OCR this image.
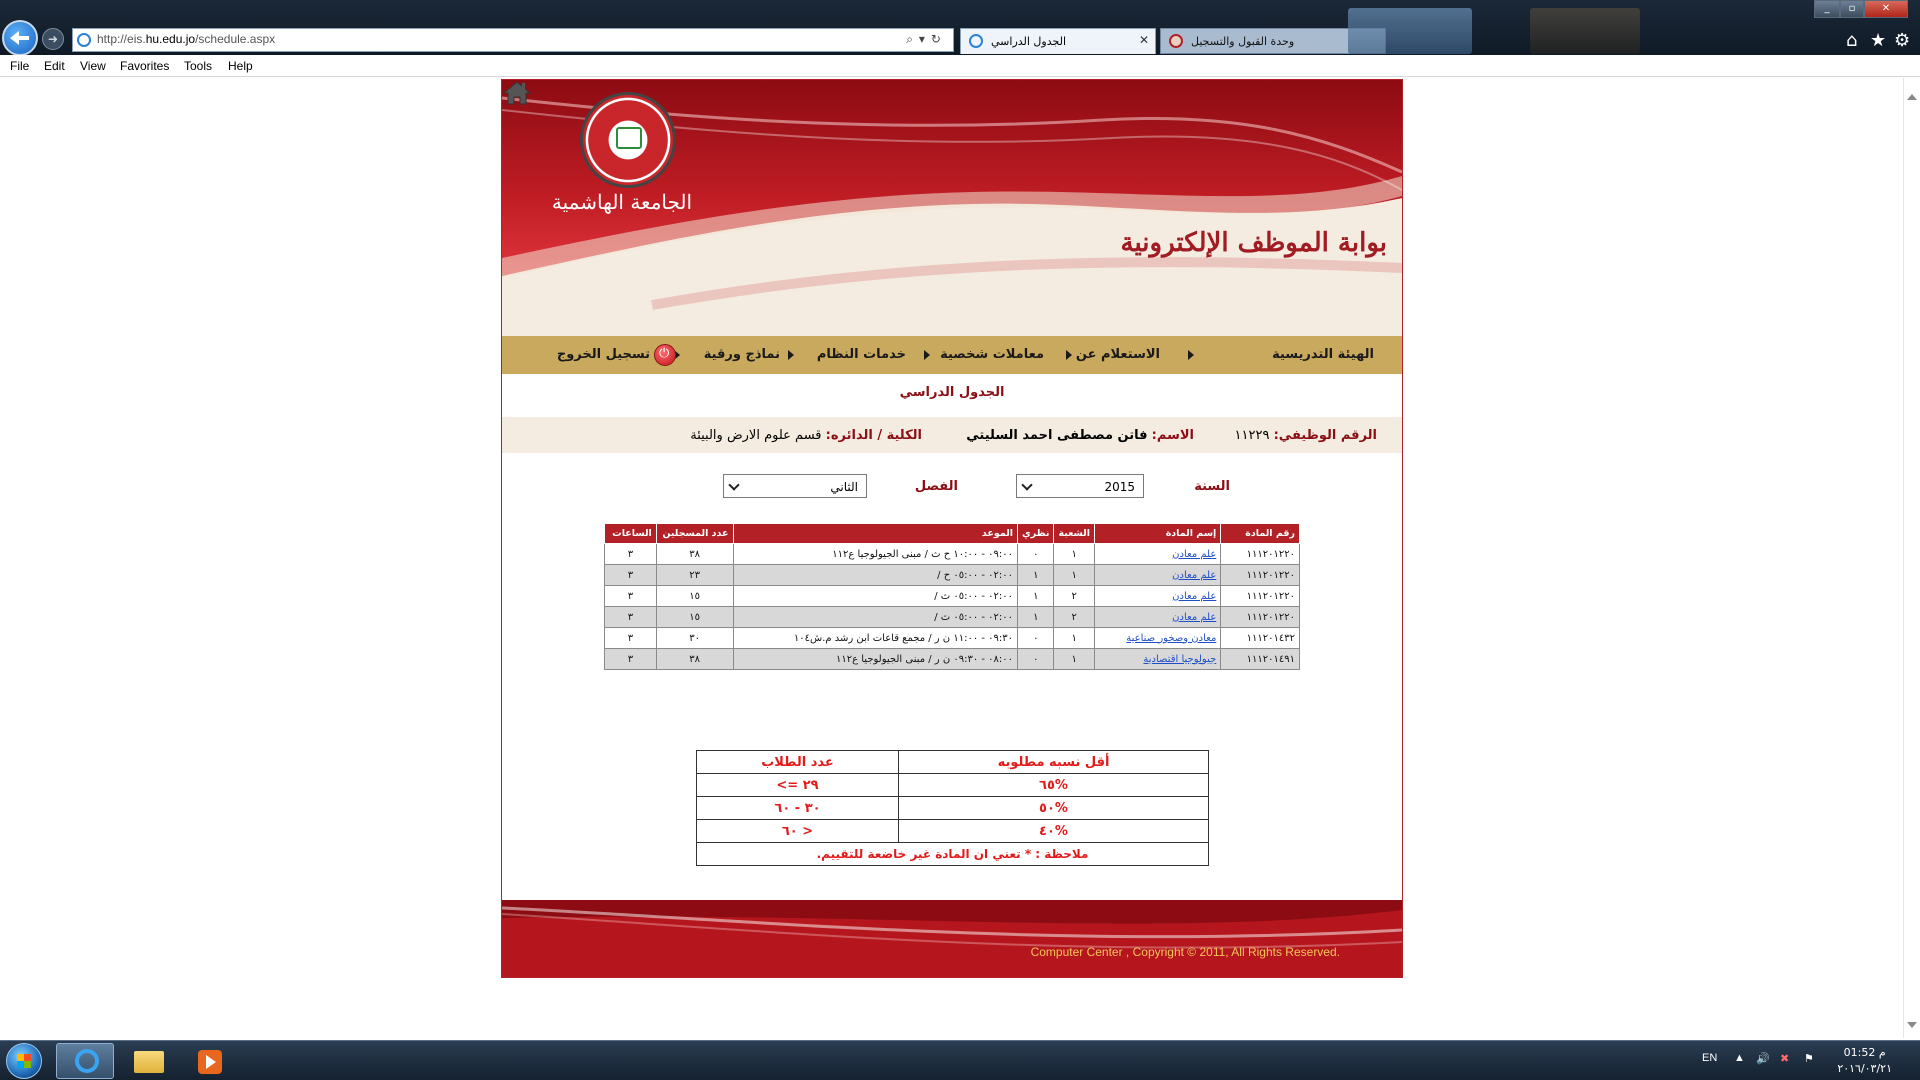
➜	http://eis.hu.edu.jo/schedule.aspx	⌕▾↻	الجدول الدراسي	✕	وحدة القبول والتسجيل
_	▫	✕
⌂ ★ ⚙
File Edit View Favorites Tools Help
الجامعة الهاشمية
بوابة الموظف الإلكترونية
الهيئة التدريسية
الاستعلام عن
معاملات شخصية
خدمات النظام
نماذج ورقية
⏻
تسجيل الخروج
الجدول الدراسي
الرقم الوظيفي: ١١٢٢٩
الاسم: فاتن مصطفى احمد السليتي
الكلية / الدائره: قسم علوم الارض والبيئة
السنة
2015
الفصل
الثاني
رقم المادة	إسم المادة	الشعبة	نظري	الموعد	عدد المسجلين	الساعات
١١١٢٠١٢٢٠	علم معادن	١	٠	٠٩:٠٠ - ١٠:٠٠ ح ث / مبنى الجيولوجيا ع١١٢	٣٨	٣
١١١٢٠١٢٢٠	علم معادن	١	١	٠٢:٠٠ - ٠٥:٠٠ ح /	٢٣	٣
١١١٢٠١٢٢٠	علم معادن	٢	١	٠٢:٠٠ - ٠٥:٠٠ ث /	١٥	٣
١١١٢٠١٢٢٠	علم معادن	٢	١	٠٢:٠٠ - ٠٥:٠٠ ث /	١٥	٣
١١١٢٠١٤٣٢	معادن وصخور صناعية	١	٠	٠٩:٣٠ - ١١:٠٠ ن ر / مجمع قاعات ابن رشد م.ش١٠٤	٣٠	٣
١١١٢٠١٤٩١	جيولوجيا اقتصادية	١	٠	٠٨:٠٠ - ٠٩:٣٠ ن ر / مبنى الجيولوجيا ع١١٢	٣٨	٣
أقل نسبه مطلوبه	عدد الطلاب
%٦٥	٢٩ =>
%٥٠	٣٠ - ٦٠
%٤٠	< ٦٠
ملاحظة : * تعني ان المادة غير خاضعة للتقييم.	
Computer Center , Copyright © 2011, All Rights Reserved.
EN ▲ 🔊 ✖ ⚑	01:52 م
٢٠١٦/٠٣/٢١
